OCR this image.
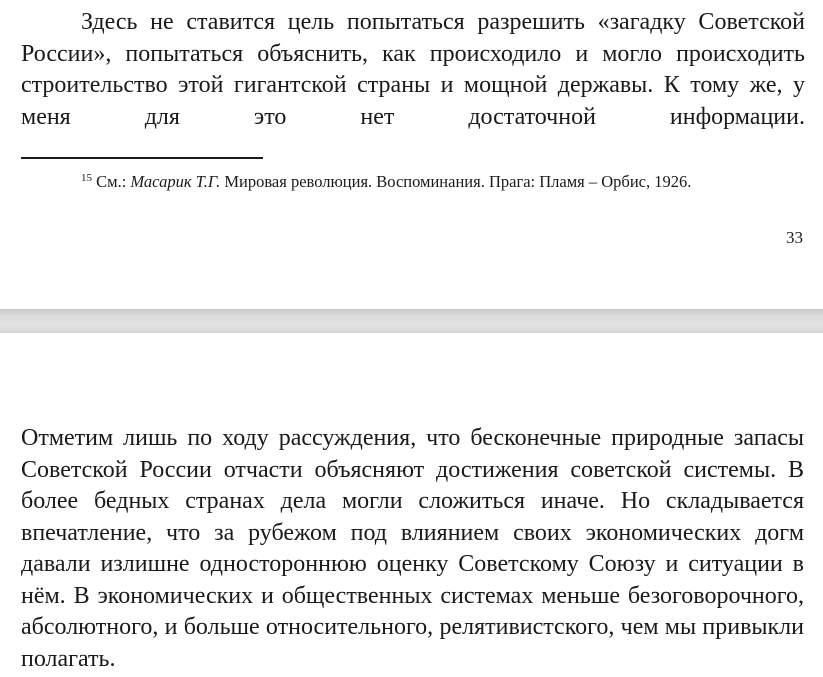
Здесь не ставится цель попытаться разрешить «загадку Советской России», попытаться объяснить, как происходило и могло происходить строительство этой гигантской страны и мощной державы. К тому же, у меня для это нет достаточной информации.

$^{15}$ См.: Масарик Т.Г. Мировая революция. Воспоминания. Прага: Пламя – Орбис, 1926.

33

Отметим лишь по ходу рассуждения, что бесконечные природные запасы Советской России отчасти объясняют достижения советской системы. В более бедных странах дела могли сложиться иначе. Но складывается впечатление, что за рубежом под влиянием своих экономических догм давали излишне одностороннюю оценку Советскому Союзу и ситуации в нём. В экономических и общественных системах меньше безоговорочного, абсолютного, и больше относительного, релятивистского, чем мы привыкли полагать.
